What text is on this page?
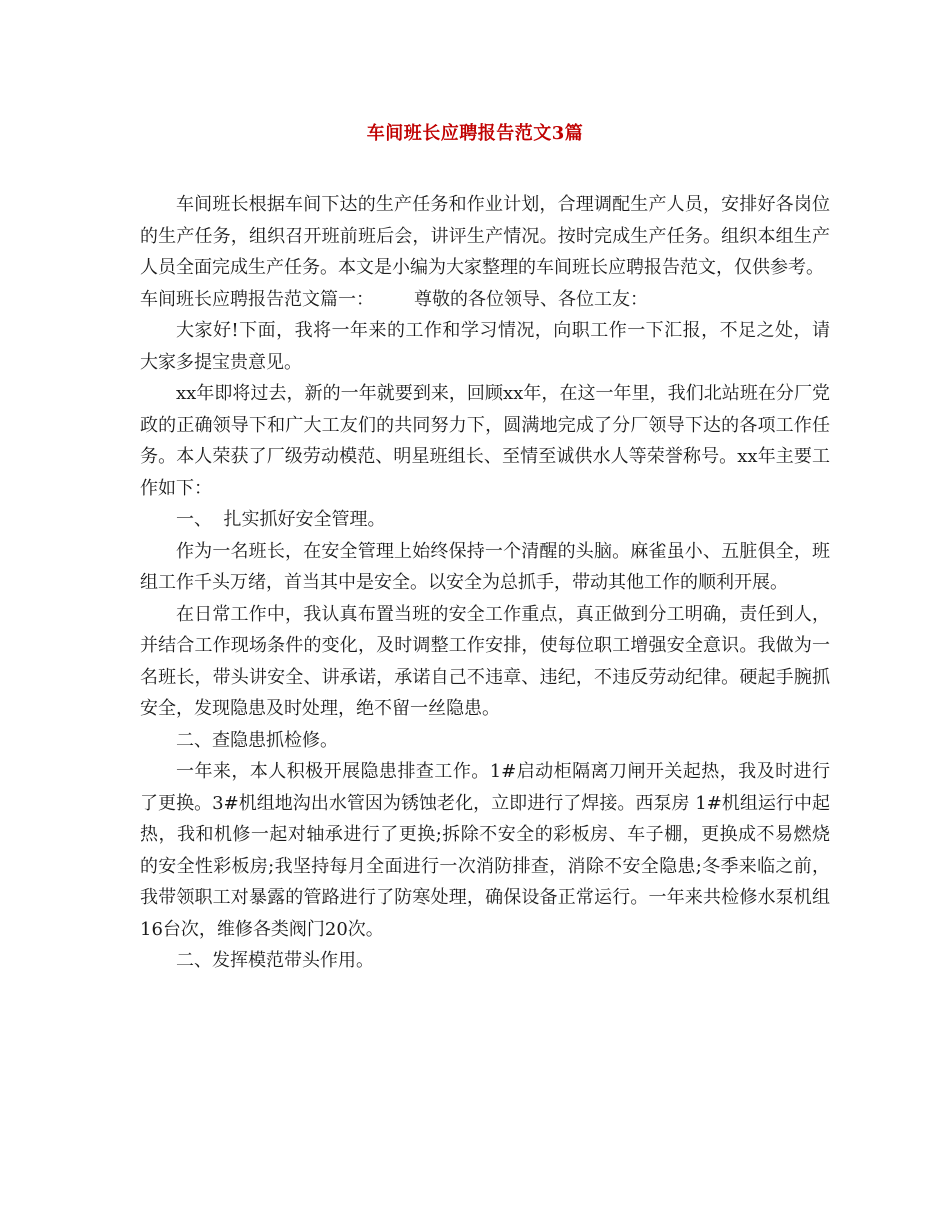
车间班长应聘报告范文3篇

车间班长根据车间下达的生产任务和作业计划，合理调配生产人员，安排好各岗位的生产任务，组织召开班前班后会，讲评生产情况。按时完成生产任务。组织本组生产人员全面完成生产任务。本文是小编为大家整理的车间班长应聘报告范文，仅供参考。

车间班长应聘报告范文篇一： 尊敬的各位领导、各位工友：

大家好!下面，我将一年来的工作和学习情况，向职工作一下汇报，不足之处，请大家多提宝贵意见。

xx年即将过去，新的一年就要到来，回顾xx年，在这一年里，我们北站班在分厂党政的正确领导下和广大工友们的共同努力下，圆满地完成了分厂领导下达的各项工作任务。本人荣获了厂级劳动模范、明星班组长、至情至诚供水人等荣誉称号。xx年主要工作如下：

一、  扎实抓好安全管理。

作为一名班长，在安全管理上始终保持一个清醒的头脑。麻雀虽小、五脏俱全，班组工作千头万绪，首当其中是安全。以安全为总抓手，带动其他工作的顺利开展。

在日常工作中，我认真布置当班的安全工作重点，真正做到分工明确，责任到人，并结合工作现场条件的变化，及时调整工作安排，使每位职工增强安全意识。我做为一名班长，带头讲安全、讲承诺，承诺自己不违章、违纪，不违反劳动纪律。硬起手腕抓安全，发现隐患及时处理，绝不留一丝隐患。

二、查隐患抓检修。

一年来，本人积极开展隐患排查工作。1#启动柜隔离刀闸开关起热，我及时进行了更换。3#机组地沟出水管因为锈蚀老化，立即进行了焊接。西泵房 1#机组运行中起热，我和机修一起对轴承进行了更换;拆除不安全的彩板房、车子棚，更换成不易燃烧的安全性彩板房;我坚持每月全面进行一次消防排查，消除不安全隐患;冬季来临之前，我带领职工对暴露的管路进行了防寒处理，确保设备正常运行。一年来共检修水泵机组16台次，维修各类阀门20次。

二、发挥模范带头作用。
